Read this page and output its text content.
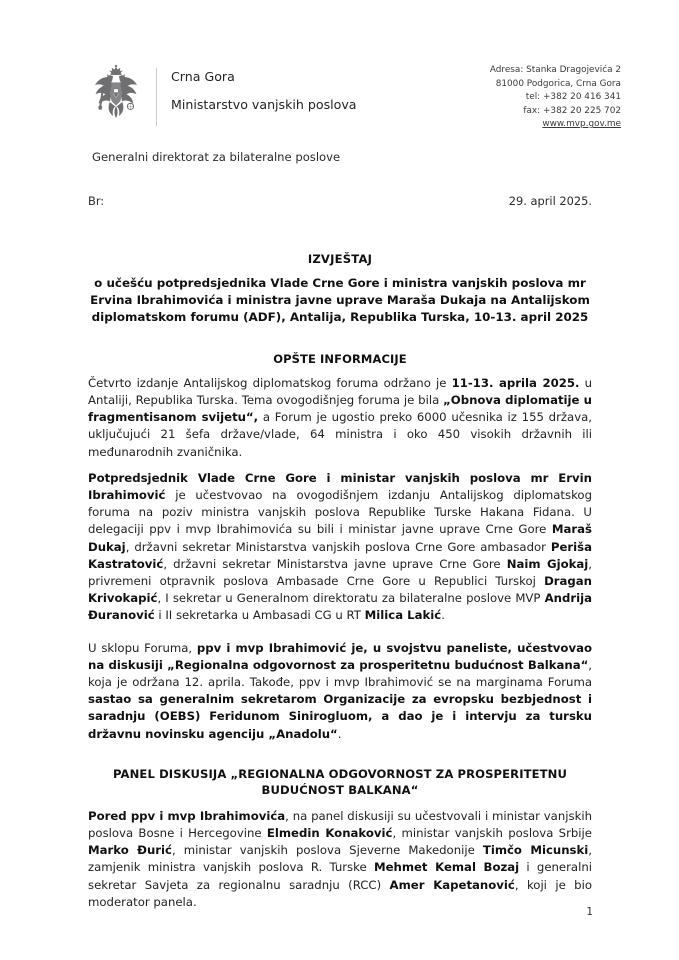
Crna Gora
Ministarstvo vanjskih poslova
Adresa: Stanka Dragojevića 2
81000 Podgorica, Crna Gora
tel: +382 20 416 341
fax: +382 20 225 702
www.mvp.gov.me
Generalni direktorat za bilateralne poslove
Br:	29. april 2025.
IZVJEŠTAJ
o učešću potpredsjednika Vlade Crne Gore i ministra vanjskih poslova mr Ervina Ibrahimovića i ministra javne uprave Maraša Dukaja na Antalijskom diplomatskom forumu (ADF), Antalija, Republika Turska, 10-13. april 2025
OPŠTE INFORMACIJE

Četvrto izdanje Antalijskog diplomatskog foruma održano je 11-13. aprila 2025. u Antaliji, Republika Turska. Tema ovogodišnjeg foruma je bila „Obnova diplomatije u fragmentisanom svijetu“, a Forum je ugostio preko 6000 učesnika iz 155 država, uključujući 21 šefa države/vlade, 64 ministra i oko 450 visokih državnih ili međunarodnih zvaničnika.

Potpredsjednik Vlade Crne Gore i ministar vanjskih poslova mr Ervin Ibrahimović je učestvovao na ovogodišnjem izdanju Antalijskog diplomatskog foruma na poziv ministra vanjskih poslova Republike Turske Hakana Fidana. U delegaciji ppv i mvp Ibrahimovića su bili i ministar javne uprave Crne Gore Maraš Dukaj, državni sekretar Ministarstva vanjskih poslova Crne Gore ambasador Periša Kastratović, državni sekretar Ministarstva javne uprave Crne Gore Naim Gjokaj, privremeni otpravnik poslova Ambasade Crne Gore u Republici Turskoj Dragan Krivokapić, I sekretar u Generalnom direktoratu za bilateralne poslove MVP Andrija Đuranović i II sekretarka u Ambasadi CG u RT Milica Lakić.

U sklopu Foruma, ppv i mvp Ibrahimović je, u svojstvu paneliste, učestvovao na diskusiji „Regionalna odgovornost za prosperitetnu budućnost Balkana“, koja je održana 12. aprila. Takođe, ppv i mvp Ibrahimović se na marginama Foruma sastao sa generalnim sekretarom Organizacije za evropsku bezbjednost i saradnju (OEBS) Feridunom Sinirogluom, a dao je i intervju za tursku državnu novinsku agenciju „Anadolu“.

PANEL DISKUSIJA „REGIONALNA ODGOVORNOST ZA PROSPERITETNU BUDUĆNOST BALKANA“

Pored ppv i mvp Ibrahimovića, na panel diskusiji su učestvovali i ministar vanjskih poslova Bosne i Hercegovine Elmedin Konaković, ministar vanjskih poslova Srbije Marko Đurić, ministar vanjskih poslova Sjeverne Makedonije Timčo Micunski, zamjenik ministra vanjskih poslova R. Turske Mehmet Kemal Bozaj i generalni sekretar Savjeta za regionalnu saradnju (RCC) Amer Kapetanović, koji je bio moderator panela.

1
